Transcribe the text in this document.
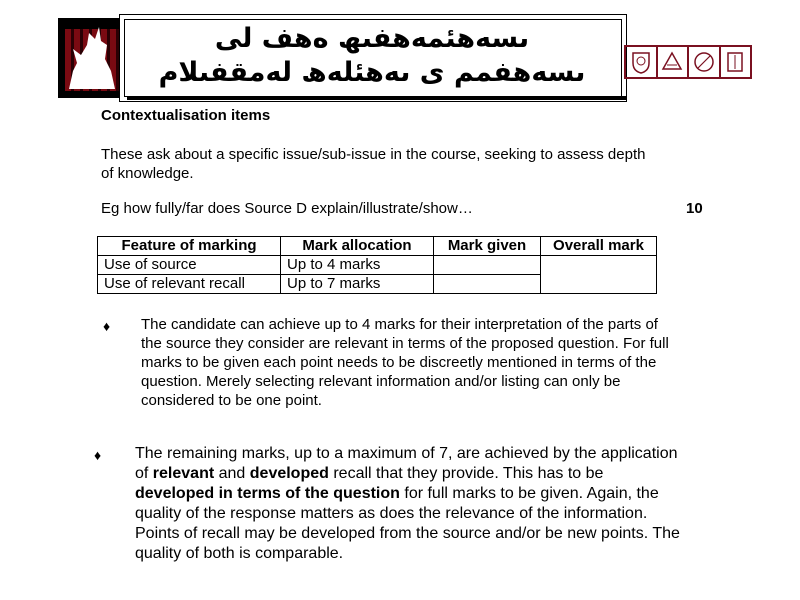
ىسەھئمەھفىھ ەھف لى
ىسەھفمم ى ىەھئلەھ لەمقفىلام
Contextualisation items
These ask about a specific issue/sub-issue in the course, seeking to assess depth of knowledge.
Eg how fully/far does Source D explain/illustrate/show…	10
Feature of marking	Mark allocation	Mark given	Overall mark
Use of source	Up to 4 marks		
Use of relevant recall	Up to 7 marks		
♦ The candidate can achieve up to 4 marks for their interpretation of the parts of the source they consider are relevant in terms of the proposed question. For full marks to be given each point needs to be discreetly mentioned in terms of the question. Merely selecting relevant information and/or listing can only be considered to be one point.
♦ The remaining marks, up to a maximum of 7, are achieved by the application of relevant and developed recall that they provide. This has to be developed in terms of the question for full marks to be given. Again, the quality of the response matters as does the relevance of the information. Points of recall may be developed from the source and/or be new points. The quality of both is comparable.
